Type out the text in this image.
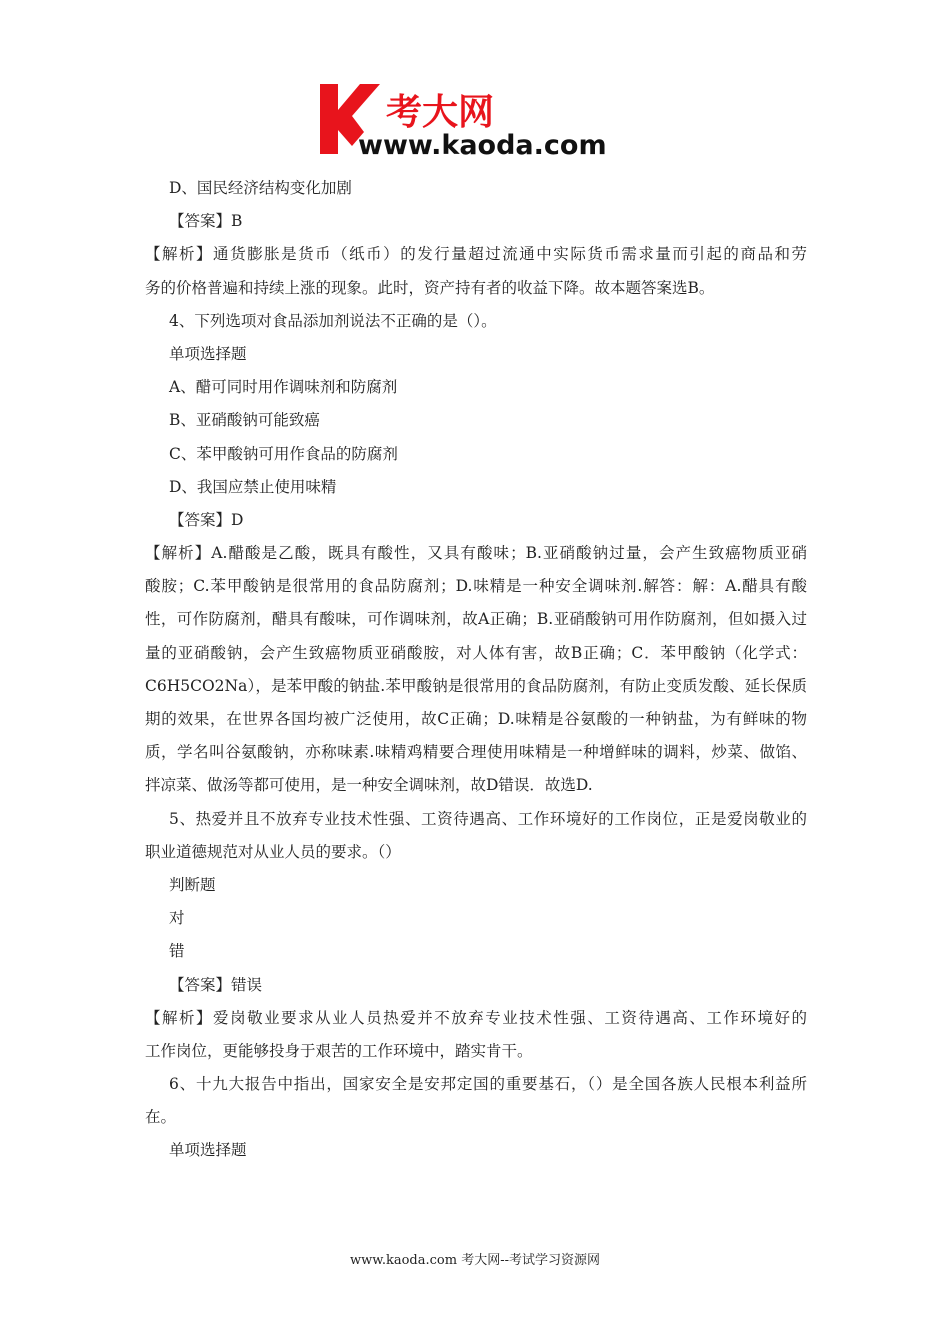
考大网
www.kaoda.com
D、国民经济结构变化加剧
【答案】B
【解析】通货膨胀是货币（纸币）的发行量超过流通中实际货币需求量而引起的商品和劳
务的价格普遍和持续上涨的现象。此时，资产持有者的收益下降。故本题答案选B。
4、下列选项对食品添加剂说法不正确的是（）。
单项选择题
A、醋可同时用作调味剂和防腐剂
B、亚硝酸钠可能致癌
C、苯甲酸钠可用作食品的防腐剂
D、我国应禁止使用味精
【答案】D
【解析】A.醋酸是乙酸，既具有酸性，又具有酸味；B.亚硝酸钠过量，会产生致癌物质亚硝
酸胺；C.苯甲酸钠是很常用的食品防腐剂；D.味精是一种安全调味剂.解答：解：A.醋具有酸
性，可作防腐剂，醋具有酸味，可作调味剂，故A正确；B.亚硝酸钠可用作防腐剂，但如摄入过
量的亚硝酸钠，会产生致癌物质亚硝酸胺，对人体有害，故B正确；C．苯甲酸钠（化学式：
C6H5CO2Na），是苯甲酸的钠盐.苯甲酸钠是很常用的食品防腐剂，有防止变质发酸、延长保质
期的效果，在世界各国均被广泛使用，故C正确；D.味精是谷氨酸的一种钠盐，为有鲜味的物
质，学名叫谷氨酸钠，亦称味素.味精鸡精要合理使用味精是一种增鲜味的调料，炒菜、做馅、
拌凉菜、做汤等都可使用，是一种安全调味剂，故D错误．故选D.
5、热爱并且不放弃专业技术性强、工资待遇高、工作环境好的工作岗位，正是爱岗敬业的
职业道德规范对从业人员的要求。（）
判断题
对
错
【答案】错误
【解析】爱岗敬业要求从业人员热爱并不放弃专业技术性强、工资待遇高、工作环境好的
工作岗位，更能够投身于艰苦的工作环境中，踏实肯干。
6、十九大报告中指出，国家安全是安邦定国的重要基石，（）是全国各族人民根本利益所
在。
单项选择题
www.kaoda.com 考大网--考试学习资源网
